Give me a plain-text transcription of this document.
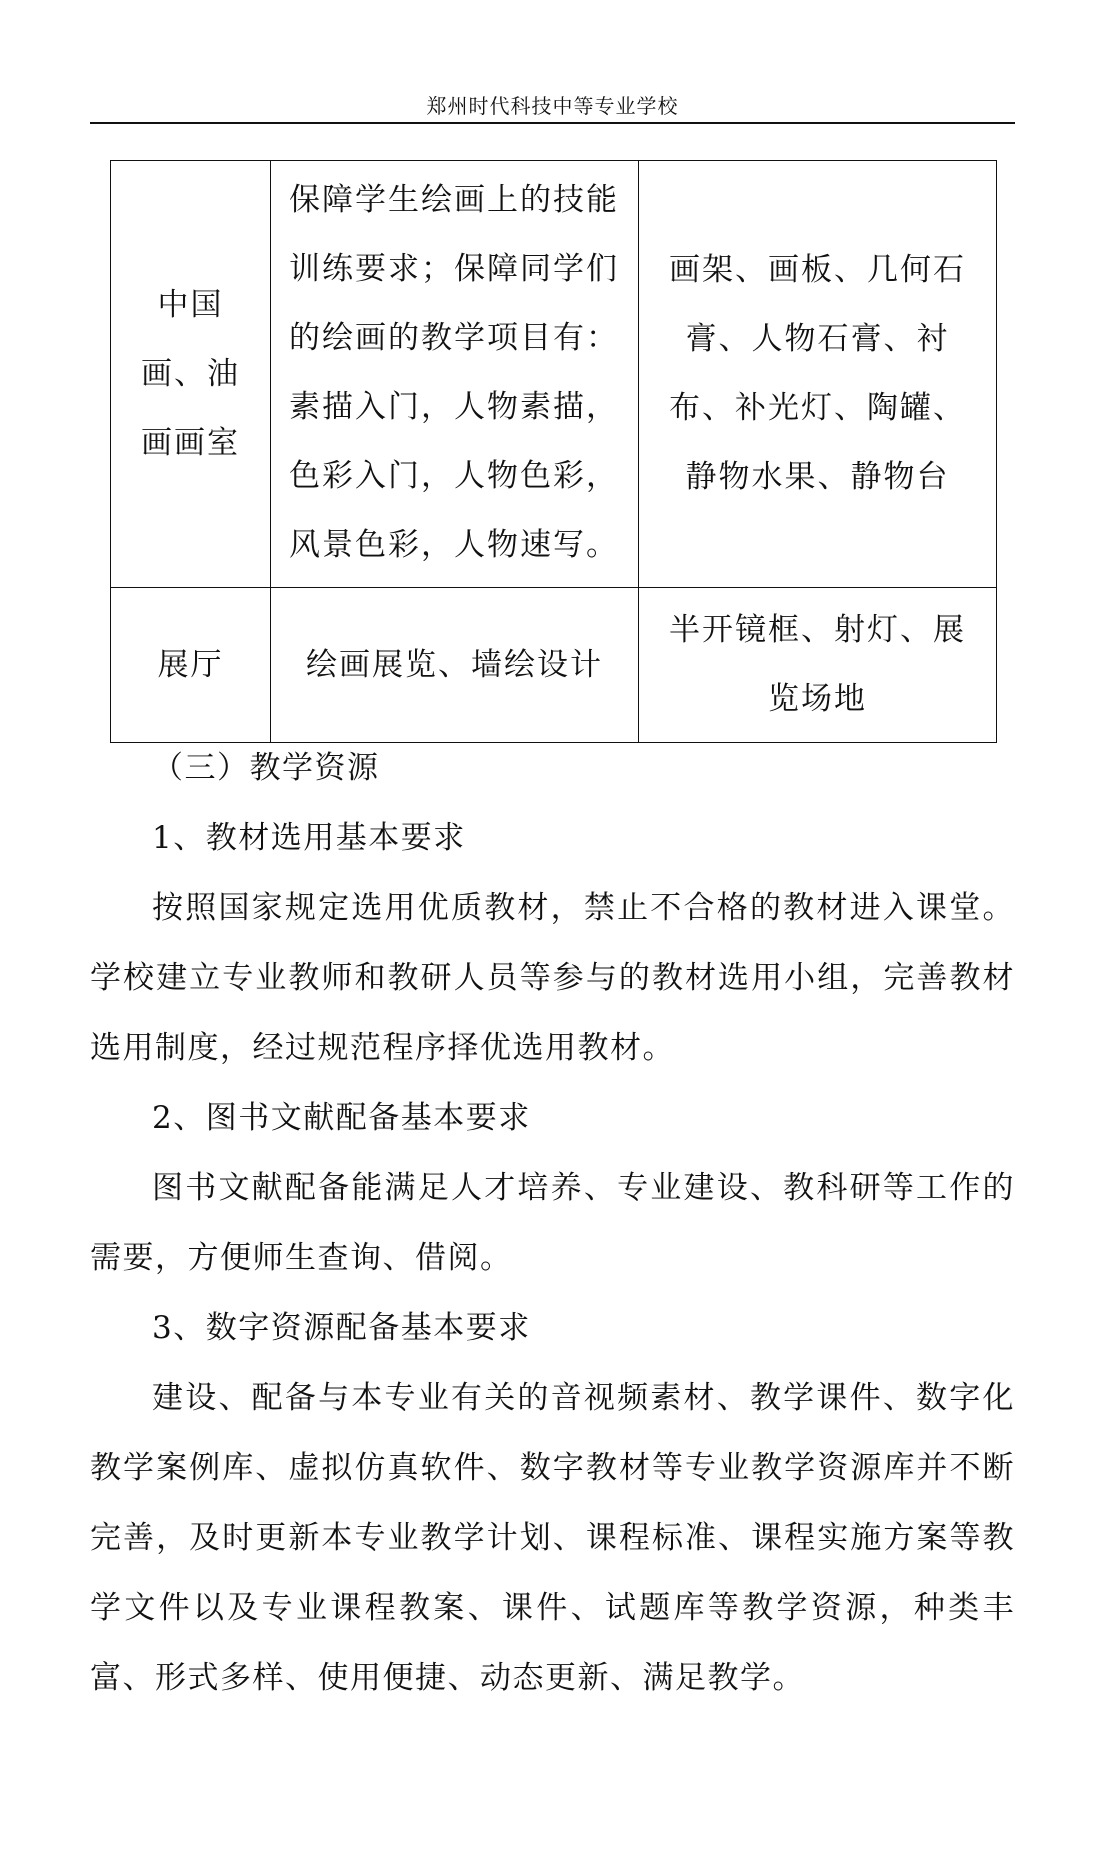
郑州时代科技中等专业学校
中国画、油画画室	保障学生绘画上的技能训练要求；保障同学们的绘画的教学项目有：素描入门，人物素描，色彩入门，人物色彩，风景色彩，人物速写。	画架、画板、几何石膏、人物石膏、衬布、补光灯、陶罐、静物水果、静物台
展厅	绘画展览、墙绘设计	半开镜框、射灯、展览场地

（三）教学资源

1、教材选用基本要求

按照国家规定选用优质教材，禁止不合格的教材进入课堂。学校建立专业教师和教研人员等参与的教材选用小组，完善教材选用制度，经过规范程序择优选用教材。

2、图书文献配备基本要求

图书文献配备能满足人才培养、专业建设、教科研等工作的需要，方便师生查询、借阅。

3、数字资源配备基本要求

建设、配备与本专业有关的音视频素材、教学课件、数字化教学案例库、虚拟仿真软件、数字教材等专业教学资源库并不断完善，及时更新本专业教学计划、课程标准、课程实施方案等教学文件以及专业课程教案、课件、试题库等教学资源，种类丰富、形式多样、使用便捷、动态更新、满足教学。
